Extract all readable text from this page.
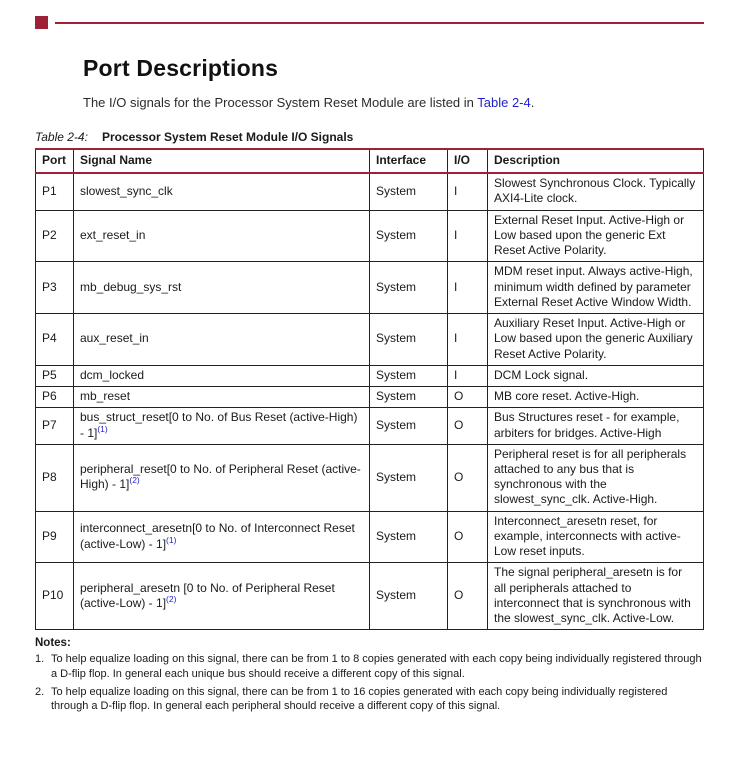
Port Descriptions

The I/O signals for the Processor System Reset Module are listed in Table 2-4.

Table 2-4: Processor System Reset Module I/O Signals
Port	Signal Name	Interface	I/O	Description
P1	slowest_sync_clk	System	I	Slowest Synchronous Clock. Typically AXI4-Lite clock.
P2	ext_reset_in	System	I	External Reset Input. Active-High or Low based upon the generic Ext Reset Active Polarity.
P3	mb_debug_sys_rst	System	I	MDM reset input. Always active-High, minimum width defined by parameter External Reset Active Window Width.
P4	aux_reset_in	System	I	Auxiliary Reset Input. Active-High or Low based upon the generic Auxiliary Reset Active Polarity.
P5	dcm_locked	System	I	DCM Lock signal.
P6	mb_reset	System	O	MB core reset. Active-High.
P7	bus_struct_reset[0 to No. of Bus Reset (active-High) - 1]$^{(1)}$	System	O	Bus Structures reset - for example, arbiters for bridges. Active-High
P8	peripheral_reset[0 to No. of Peripheral Reset (active-High) - 1]$^{(2)}$	System	O	Peripheral reset is for all peripherals attached to any bus that is synchronous with the slowest_sync_clk. Active-High.
P9	interconnect_aresetn[0 to No. of Interconnect Reset (active-Low) - 1]$^{(1)}$	System	O	Interconnect_aresetn reset, for example, interconnects with active-Low reset inputs.
P10	peripheral_aresetn [0 to No. of Peripheral Reset (active-Low) - 1]$^{(2)}$	System	O	The signal peripheral_aresetn is for all peripherals attached to interconnect that is synchronous with the slowest_sync_clk. Active-Low.
Notes:
1. To help equalize loading on this signal, there can be from 1 to 8 copies generated with each copy being individually registered through a D-flip flop. In general each unique bus should receive a different copy of this signal.
2. To help equalize loading on this signal, there can be from 1 to 16 copies generated with each copy being individually registered through a D-flip flop. In general each peripheral should receive a different copy of this signal.
